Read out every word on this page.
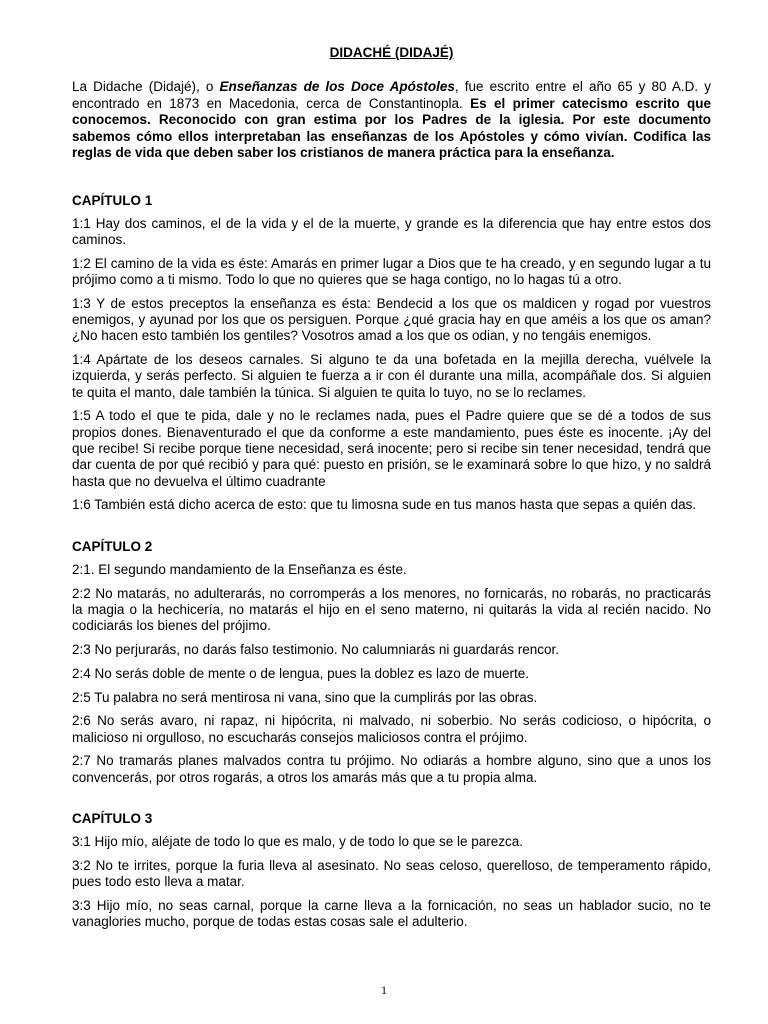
DIDACHÉ (DIDAJÉ)

La Didache (Didajé), o Enseñanzas de los Doce Apóstoles, fue escrito entre el año 65 y 80 A.D. y encontrado en 1873 en Macedonia, cerca de Constantinopla. Es el primer catecismo escrito que conocemos. Reconocido con gran estima por los Padres de la iglesia. Por este documento sabemos cómo ellos interpretaban las enseñanzas de los Apóstoles y cómo vivían. Codifica las reglas de vida que deben saber los cristianos de manera práctica para la enseñanza.

CAPÍTULO 1

1:1 Hay dos caminos, el de la vida y el de la muerte, y grande es la diferencia que hay entre estos dos caminos.

1:2 El camino de la vida es éste: Amarás en primer lugar a Dios que te ha creado, y en segundo lugar a tu prójimo como a ti mismo. Todo lo que no quieres que se haga contigo, no lo hagas tú a otro.

1:3 Y de estos preceptos la enseñanza es ésta: Bendecid a los que os maldicen y rogad por vuestros enemigos, y ayunad por los que os persiguen. Porque ¿qué gracia hay en que améis a los que os aman? ¿No hacen esto también los gentiles? Vosotros amad a los que os odian, y no tengáis enemigos.

1:4 Apártate de los deseos carnales. Si alguno te da una bofetada en la mejilla derecha, vuélvele la izquierda, y serás perfecto. Si alguien te fuerza a ir con él durante una milla, acompáñale dos. Si alguien te quita el manto, dale también la túnica. Si alguien te quita lo tuyo, no se lo reclames.

1:5 A todo el que te pida, dale y no le reclames nada, pues el Padre quiere que se dé a todos de sus propios dones. Bienaventurado el que da conforme a este mandamiento, pues éste es inocente. ¡Ay del que recibe! Si recibe porque tiene necesidad, será inocente; pero si recibe sin tener necesidad, tendrá que dar cuenta de por qué recibió y para qué: puesto en prisión, se le examinará sobre lo que hizo, y no saldrá hasta que no devuelva el último cuadrante

1:6 También está dicho acerca de esto: que tu limosna sude en tus manos hasta que sepas a quién das.

CAPÍTULO 2

2:1. El segundo mandamiento de la Enseñanza es éste.

2:2 No matarás, no adulterarás, no corromperás a los menores, no fornicarás, no robarás, no practicarás la magia o la hechicería, no matarás el hijo en el seno materno, ni quitarás la vida al recién nacido. No codiciarás los bienes del prójimo.

2:3 No perjurarás, no darás falso testimonio. No calumniarás ni guardarás rencor.

2:4 No serás doble de mente o de lengua, pues la doblez es lazo de muerte.

2:5 Tu palabra no será mentirosa ni vana, sino que la cumplirás por las obras.

2:6 No serás avaro, ni rapaz, ni hipócrita, ni malvado, ni soberbio. No serás codicioso, o hipócrita, o malicioso ni orgulloso, no escucharás consejos maliciosos contra el prójimo.

2:7 No tramarás planes malvados contra tu prójimo. No odiarás a hombre alguno, sino que a unos los convencerás, por otros rogarás, a otros los amarás más que a tu propia alma.

CAPÍTULO 3

3:1 Hijo mío, aléjate de todo lo que es malo, y de todo lo que se le parezca.

3:2 No te irrites, porque la furia lleva al asesinato. No seas celoso, querelloso, de temperamento rápido, pues todo esto lleva a matar.

3:3 Hijo mío, no seas carnal, porque la carne lleva a la fornicación, no seas un hablador sucio, no te vanaglories mucho, porque de todas estas cosas sale el adulterio.

1
